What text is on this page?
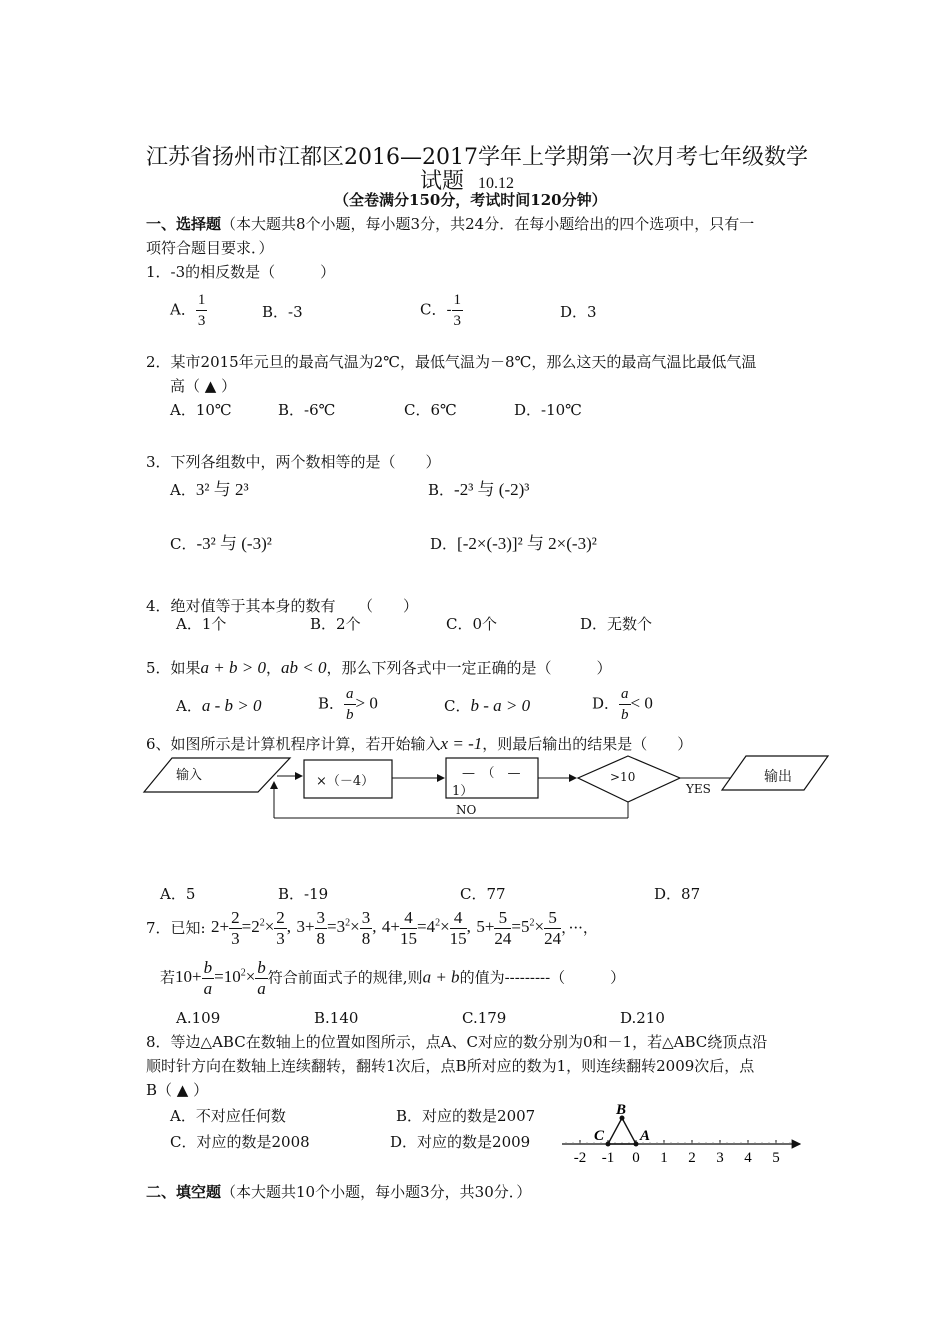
江苏省扬州市江都区2016—2017学年上学期第一次月考七年级数学
试题 10.12
（全卷满分150分，考试时间120分钟）
一、选择题（本大题共8个小题，每小题3分，共24分．在每小题给出的四个选项中，只有一
项符合题目要求．）
1．-3的相反数是（　　　）
A． $\frac{1}{3}$	B．-3	C．- $\frac{1}{3}$	D．3
2．某市2015年元旦的最高气温为2℃，最低气温为－8℃，那么这天的最高气温比最低气温
高（ ▲ ）
A．10℃	B．-6℃	C．6℃	D．-10℃
3．下列各组数中，两个数相等的是（　　）
A．3² 与 2³	B．-2³ 与 (-2)³
C．-3² 与 (-3)²	D．[-2×(-3)]² 与 2×(-3)²
4．绝对值等于其本身的数有　　（　　）
A．1个	B．2个	C．0个	D．无数个
5．如果a + b > 0，ab < 0，那么下列各式中一定正确的是（　　　）
A．a - b > 0	B． $\frac{a}{b} > 0$	C．b - a > 0	D． $\frac{a}{b} < 0$
6、如图所示是计算机程序计算，若开始输入x = -1，则最后输出的结果是（　　）
输入	×（－4）
—　（　—
1）
>10
YES
NO
输出
A．5	B．-19	C．77	D．87
7．已知: $2+ \frac{2}{3} =2^2\times \frac{2}{3}$ , $3+ \frac{3}{8} =3^2\times \frac{3}{8}$ , $4+ \frac{4}{15} =4^2\times \frac{4}{15}$ , $5+ \frac{5}{24} =5^2\times \frac{5}{24}$ ，···，
若$10+ \frac{b}{a} =10^2\times \frac{b}{a}$ 符合前面式子的规律,则a + b的值为---------（　　　）
A.109	B.140	C.179	D.210
8．等边△ABC在数轴上的位置如图所示，点A、C对应的数分别为0和－1，若△ABC绕顶点沿
顺时针方向在数轴上连续翻转，翻转1次后，点B所对应的数为1，则连续翻转2009次后，点
B（ ▲ ）
A．不对应任何数	B．对应的数是2007
C．对应的数是2008	D．对应的数是2009
B
C A
-2 -1 0 1 2 3 4 5
二、填空题（本大题共10个小题，每小题3分，共30分．）
